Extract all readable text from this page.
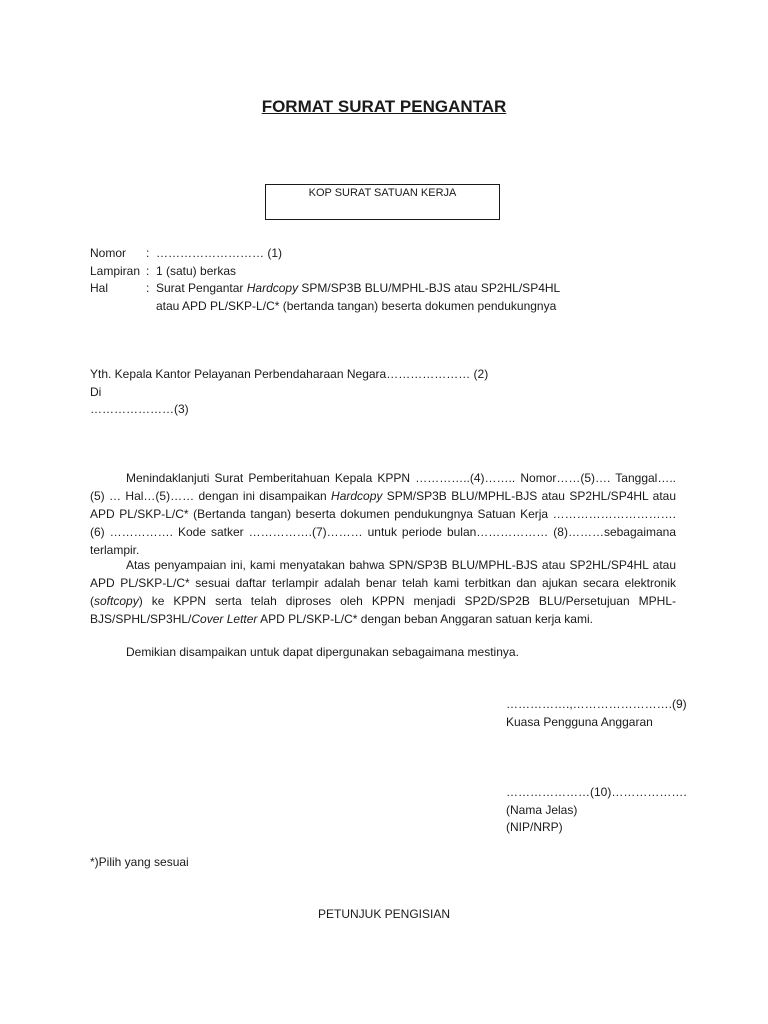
FORMAT SURAT PENGANTAR
KOP SURAT SATUAN KERJA
Nomor : ……………………… (1)
Lampiran : 1 (satu) berkas
Hal	: Surat Pengantar Hardcopy SPM/SP3B BLU/MPHL-BJS atau SP2HL/SP4HL
atau APD PL/SKP-L/C* (bertanda tangan) beserta dokumen pendukungnya
Yth. Kepala Kantor Pelayanan Perbendaharaan Negara………………… (2)
Di
…………………(3)
Menindaklanjuti Surat Pemberitahuan Kepala KPPN …………..(4)…….. Nomor……(5)…. Tanggal…..(5) … Hal…(5)…… dengan ini disampaikan Hardcopy SPM/SP3B BLU/MPHL-BJS atau SP2HL/SP4HL atau APD PL/SKP-L/C* (Bertanda tangan) beserta dokumen pendukungnya Satuan Kerja ………………………….(6) ……………. Kode satker …………….(7)……… untuk periode bulan……………… (8)………sebagaimana terlampir.
Atas penyampaian ini, kami menyatakan bahwa SPN/SP3B BLU/MPHL-BJS atau SP2HL/SP4HL atau APD PL/SKP-L/C* sesuai daftar terlampir adalah benar telah kami terbitkan dan ajukan secara elektronik (softcopy) ke KPPN serta telah diproses oleh KPPN menjadi SP2D/SP2B BLU/Persetujuan MPHL-BJS/SPHL/SP3HL/Cover Letter APD PL/SKP-L/C* dengan beban Anggaran satuan kerja kami.
Demikian disampaikan untuk dapat dipergunakan sebagaimana mestinya.
…………….,…………………….(9)
Kuasa Pengguna Anggaran
…………………(10)……………….
(Nama Jelas)
(NIP/NRP)
*)Pilih yang sesuai
PETUNJUK PENGISIAN
